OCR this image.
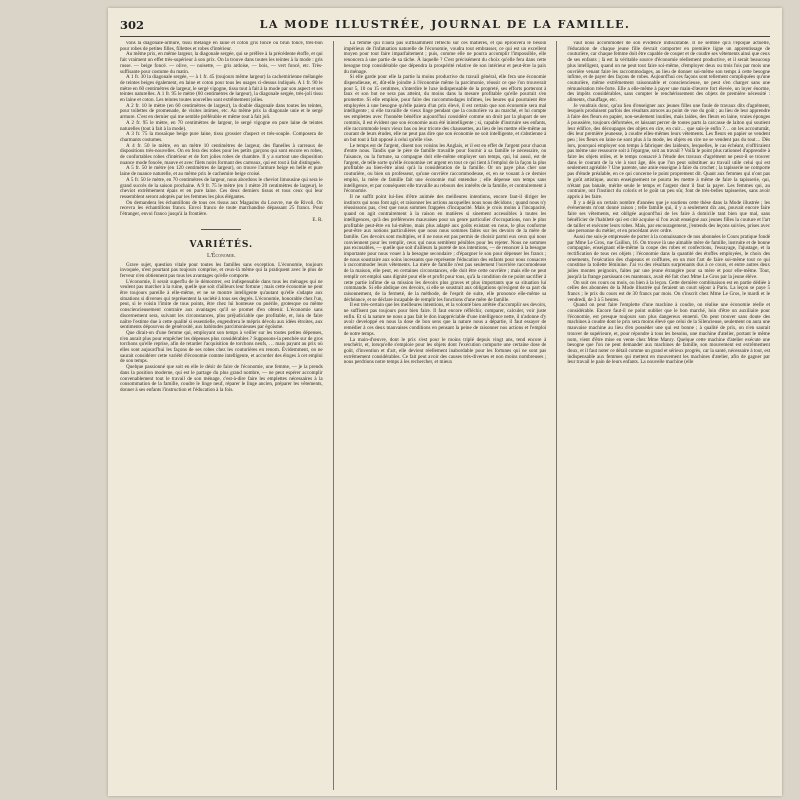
302	LA MODE ILLUSTRÉE, JOURNAL DE LA FAMILLE.

vons la diagonale-armure, tissu mélangé en laine et coton gris foncé ou brun foncé, très-bon pour robes de petites filles, fillettes et robes d'intérieur.

Au même prix, en même largeur, la diagonale sergée, qui se préfère à la précédente étoffe, et qui fait vraiment un effet très-supérieur à son prix. On la trouve dans toutes les teintes à la mode : gris russe. — beige foncé. — olive, — noisette, — gris ardoise, — bois, — vert foncé, etc. Très-suffisante pour costume du matin.

A 1 fr. 30 la diagonale sergée, — à 1 fr. 45 (toujours même largeur) la cachemirienne mélangée de teintes beiges également, en laine et coton pour tous les usages ci-dessus indiqués. A 1 fr. 90 le mètre en 60 centimètres de largeur, le sergé vigogne, tissu tout à fait à la mode par son aspect et ses teintes naturelles. A 1 fr. 95 le mètre (60 centimètres de largeur), la diagonale sergée, très-joli tissu en laine et coton. Les teintes toutes nouvelles sont extrêmement jolies.

A 2 fr. 10 le mètre (en 60 centimètres de largeur), la double diagonale dans toutes les teintes, pour toilettes de promenade, de visites intimes, etc. Au même prix la diagonale unie et le sergé armure. C'est en dernier qui me semble préférable et même tout à fait joli.

A 2 fr. 95 le mètre, en 70 centimètres de largeur, le sergé vigogne en pure laine de teintes naturelles (tout à fait à la mode).

A 3 fr. 75 la mosaïque beige pure laine, tissu grossier d'aspect et très-souple. Composera de charmants costumes.

A 4 fr. 50 le mètre, en un mètre 10 centimètres de largeur, des flanelles à carreaux de dispositions très-nouvelles. On en fera des robes pour les petits garçons qui sont encore en robes, de confortables robes d'intérieur et de fort jolies robes de chambre. Il y a surtout une disposition nuance mode foncée, mauve et avec filets noirs formant des carreaux, qui est tout à fait distinguée.

A 5 fr. 50 le mètre (en 120 centimètres de largeur), on trouve l'armure beige en belle et pure laine de nuance naturelle, et au même prix le cachemire beige croisé.

A 5 fr. 50 le mètre, en 70 centimètres de largeur, nous abordons le cheviot limousine qui sera le grand succès de la saison prochaine. A 9 fr. 75 le mètre (en 1 mètre 20 centimètres de largeur), le cheviot extrêmement épais et en pure laine. Ces deux derniers tissus et tous ceux qui leur ressemblent seront adoptés par les femmes les plus élégantes.

On demandera les échantillons de tous ces tissus aux Magasins du Louvre, rue de Rivoli. On recevra les échantillons francs. Envoi franco de toute marchandise dépassant 25 francs. Pour l'étranger, envoi franco jusqu'à la frontière.

E. R.

VARIÉTÉS.
L'Économie.

Grave sujet, question vitale pour toutes les familles sans exception. L'économie, toujours invoquée, n'est pourtant pas toujours comprise, et ceux-là même qui la pratiquent avec le plus de ferveur n'en obtiennent pas tous les avantages qu'elle comporte.

L'économie, il serait superflu de le démontrer, est indispensable dans tous les ménages qui ne veulent pas marcher à la ruine, quelle que soit d'ailleurs leur fortune ; mais cette économie ne peut être toujours pareille à elle-même, et ne se montre intelligente qu'autant qu'elle s'adapte aux situations si diverses qui représentent la société à tous ses degrés. L'économie, honorable chez l'un, peut, si le voisin l'imite de tous points, être chez lui honteuse ou puérile, grotesque ou même consciencieusement contraire aux avantages qu'il se promet d'en obtenir. L'économie sans discernement sera, suivant les circonstances, plus préjudiciable que profitable, et, loin de faire naître l'estime due à cette qualité si essentielle, engendrera le mépris dévolu aux idées étroites, aux sentiments dépourvus de générosité, aux habitudes parcimonieuses par égoïsme.

Que dirait-on d'une femme qui, employant son temps à veiller sur les toutes petites dépenses, n'en aurait plus pour empêcher les dépenses plus considérables ? Supposons-la penchée sur de gros torchons qu'elle reprise, afin de retarder l'acquisition de torchons neufs, … mais payant au prix où elles sont aujourd'hui les façons de ses robes chez les couturières en renom. Évidemment, on ne saurait considérer cette variété d'économie comme intelligente, et accorder des éloges à cet emploi de son temps.

Quelque passionné que soit en elle le désir de faire de l'économie, une femme, — je la prends dans la position moderne, qui est le partage du plus grand nombre, — ne peut espérer accomplir convenablement tout le travail de son ménage, c'est-à-dire faire les emplettes nécessaires à la consommation de la famille, coudre le linge neuf, réparer le linge ancien, préparer les vêtements, donner à ses enfants l'instruction et l'éducation à la fois.

La femme qui n'aura pas suffisamment réfléchi sur ces matières, et qui éprouvera le besoin impérieux de l'infatuation naturelle de l'économie, voudra tout embrasser, ce qui est un excellent moyen pour tout faire imparfaitement ; puis, comme elle ne pourra accomplir l'impossible, elle renoncera à une partie de sa tâche. À laquelle ? C'est précisément du choix qu'elle fera dans cette besogne trop considérable que dépendra la prospérité relative de son intérieur et peut-être la paix du ménage.

Si elle garde pour elle la partie la moins productive du travail général, elle fera une économie dispendieuse, et, dût-elle joindre à l'économie même la parcimonie, réussir ce que l'on trouverait pour 5, 10 ou 15 centimes, s'interdire le luxe indispensable de la propreté, ses efforts porteront à faux et son but ne sera pas atteint, du moins dans la mesure profitable qu'elle pourrait s'en promettre. Si elle emploie, pour faire des raccommodages infimes, les heures qui pourraient être employées à une besogne qu'elle paiera d'un prix élevé, il est certain que son économie sera mal intelligente ; si elle travaille de vieux linge pendant que la couturière va au marché, et lui compte ses emplettes avec l'honnête bénéfice aujourd'hui considéré comme un droit par la plupart de ses commis, il est évident que son économie aura été inintelligente ; si, capable d'instruire ses enfants, elle raccommode leurs vieux bas ou leur tricote des chaussettes, au lieu de les mettre elle-même au courant de leurs études, elle ne peut pas dire que son économie ne soit intelligente, et s'abstienne à un but tout à fait opposé à celui qu'elle vise.

Le temps est de l'argent, disent nos voisins les Anglais, et il est en effet de l'argent pour chacun d'entre nous. Tandis que le père de famille travaille pour fournir à sa famille le nécessaire, ou l'aisance, ou la fortune, sa compagne doit elle-même employer son temps, qui, lui aussi, est de l'argent, de telle sorte qu'elle économise cet argent en tout ce qui tient à l'emploi de la façon la plus profitable au bien-être ainsi qu'à la considération de la famille. Or on paye plus cher une couturière, ou bien un professeur, qu'une ouvrière raccommodeuse, et, en se vouant à ce dernier emploi, la mère de famille fait une économie mal entendue ; elle dépense son temps sans intelligence, et par conséquent elle travaille au rebours des intérêts de la famille, et contrairement à l'économie.

Il ne suffit point lui-lieu d'être animée des meilleures intentions, encore faut-il diriger les instincts qui nous font agir, et raisonner les actions auxquelles nous nous décidons ; quand nous n'y réussissons pas, c'est que nous sommes frappées d'incapacité. Mais je crois moins à l'incapacité, quand on agit contrairement à la raison en matières si sinement accessibles à toutes les intelligences, qu'à des préférences mauvaises pour un genre particulier d'occupations, non le plus profitable peut-être en lui-même, mais plus adapté aux goûts existant en nous, le plus conforme peut-être aux notions particulières que nous nous sommes faites sur les devoirs de la mère de famille. Ces devoirs sont multiples, et il ne nous est pas permis de choisir parmi eux ceux qui nous conviennent pour les remplir, ceux qui nous semblent pénibles pour les rejeter. Nous ne sommes pas excusables, — quelle que soit d'ailleurs la pureté de nos intentions, — de renoncer à la besogne importante pour nous vouer à la besogne secondaire ; d'épargner le sou pour dépenser les francs ; de nous soustraire aux soins incessants que représente l'éducation des enfants pour nous consacrer à raccommoder leurs vêtements. La mère de famille n'est pas seulement l'ouvrière raccomodeuse de la maison, elle peut, en certaines circonstances, elle doit être cette ouvrière ; mais elle ne peut remplir cet emploi sans dignité pour elle et profit pour tous, qu'à la condition de ne point sacrifier à cette partie infime de sa mission les devoirs plus graves et plus importants que sa situation lui commande. Si elle abdique ces devoirs, si elle se soustrait aux obligations qu'exigent de sa part du raisonnement, de la fermeté, de la méthode, de l'esprit de suite, elle prononce elle-même sa déchéance, et se déclare incapable de remplir les fonctions d'une mère de famille.

Il est très-certain que les meilleures intentions, et la volonté bien arrêtée d'accomplir ses devoirs, ne suffisent pas toujours pour bien faire. Il faut encore réfléchir, comparer, calculer, voir juste enfin. Et si la nature ne nous a pas fait le don inappréciable d'une intelligence nette, il n'adonne d'y avoir developpé en nous la dose de bon sens que la nature nous a départie, il faut essayer de remédier à ces deux mauvaises conditions en pensant la peine de raisonner nos actions et l'emploi de notre temps.

La main-d'œuvre, dont le prix s'est pour le moins triplé depuis vingt ans, tend encore à renchérir, et, lorsqu'elle s'emploie pour les objets dont l'exécution comporte une certaine dose de goût, d'invention et d'art, elle devient réellement inabordable pour les fortunes qui ne sont pas extrêmement considérables. Ce fait peut avoir des causes très-diverses et non moins nombreuses ; nous perdrions notre temps à les rechercher, et mieux

vaut nous accommoder de son évidence indiscutable. Il ne semble qu'à l'époque actuelle, l'éducation de chaque jeune fille devrait comporter en première ligne un apprentissage de couturière, car chaque femme doit être capable de couper et de coudre ses vêtements ainsi que ceux de ses enfants ; là est la véritable source d'économie réellement productive, et il serait beaucoup plus intelligent, quand on ne peut tout faire soi-même, d'employer deux ou trois fois par mois une ouvrière venant faire les raccommodages, au lieu de donner soi-même son temps à cette besogne infime, et de payer des façons de robes. Aujourd'hui ces façons sont tellement compliquées qu'une couturière, même extrêmement raisonnable et consciencieuse, ne peut s'en charger sans une rémunération très-forte. Elle a elle-même à payer une main-d'œuvre fort élevée, un loyer énorme, des impôts considérables, sans compter le renchérissement des objets de première nécessité : aliments, chauffage, etc.

Je voudrais donc, qu'au lieu d'enseigner aux jeunes filles une foule de travaux dits d'agrément, lesquels produisent parfois des résultats atroces au point de vue du goût ; au lieu de leur apprendre à faire des fleurs en papier, non-seulement inutiles, mais laides, des fleurs en laine, vraies éponges à poussière, toujours déformées, et laissant percer de toutes parts la carcasse de laiton qui soutient leur édifice, des découpages des objets en cire, en cuir… que sais-je enfin ?… on les accoutumât, dès leur première jeunesse, à coudre elles-mêmes leurs vêtements. Les fleurs en papier se vendent peu ; les fleurs en laine ne sont plus à la mode, les objets en cire ne se vendent pas du tout… Dès lors, pourquoi employer son temps à fabriquer des laideurs, lesquelles, le cas échéant, n'offriraient pas même une ressource soit à l'épargne, soit au travail ? Voilà le point plus rationnel d'apprendre à faire les objets utiles, et le temps consacré à l'étude des travaux d'agrément ne peut-il se trouver dans le courant de la vie à tout âge, dès que l'on peut substituer au travail utile celui qui est seulement agréable ? Une parente, une amie enseigne à faire du crochet ; la tapisserie ne comporte pas d'étude préalable, en ce qui concerne le point proprement dit. Quant aux femmes qui n'ont pas le goût artistique, aucun enseignement ne pourra les mettre à même de faire la tapisserie, qui, n'étant pas banale, mérite seule le temps et l'argent dont il faut la payer. Les femmes qui, au contraire, ont l'instinct du coloris et le goût un peu sûr, font de très-belles tapisseries, sans avoir appris à les faire.

Il y a déjà un certain nombre d'années que je soutiens cette thèse dans la Mode illustrée ; les événements m'ont donné raison ; telle famille qui, il y a seulement dix ans, pouvait encore faire faire ses vêtements, est obligée aujourd'hui de les faire à domicile tant bien que mal, sans bénéficier de l'habileté qui est cité acquise si l'on avait enseigné aux jeunes filles la couture et l'art de tailler et exécuter leurs robes. Mais, par encouragement, j'entends des leçons suivies, prises avec une personne du métier, et en procédant avec ordre.

Aussi me suis-je empressée de porter à la connaissance de nos abonnées le Cours pratique fondé par Mme Le Gros, rue Gaillon, 16. On trouve là une aimable mère de famille, instruite et de bonne compagnie, enseignant elle-même la coupe des robes et confections, l'essayage, l'ajustage, et la rectification de tous ces objets ; l'économie dans la quantité des étoffes employées, le choix des ornements, l'exécution des chapeaux et coiffures, en un mot l'art de faire soi-même tout ce qui constitue la toilette féminine. J'ai vu des résultats surprenants dus à ce cours, et entre autres deux jolies montes peignoirs, faites par une jeune étrangère pour sa mère et pour elle-même. Tout, jusqu'à la frange parsissant ces manteaux, avait été fait chez Mme Le Gros par la jeune élève.

On suit ces cours ou mois, ou bien à la leçon. Cette dernière combinaison est en partie dédiée à celles des abonnées de la Mode illustrée qui feraient un court séjour à Paris. La leçon se paye 5 francs ; le prix du cours est de 30 francs par mois. On s'inscrit chez Mme Le Gros, le mardi et le vendredi, de 3 à 5 heures.

Quand on peut faire l'emplette d'une machine à coudre, on réalise une économie réelle et considérable. Encore faut-il ne point oublier que le bon marché, loin d'être un auxiliaire pour l'économie, est presque toujours son plus dangereux ennemi. On peut trouver sans doute des machines à coudre dont le prix sera moins élevé que celui de la Silencieuse, seulement on aura une mauvaise machine au lieu d'en posséder une qui est bonne ; à qualité de prix, on n'en saurait trouver de supérieure, et, pour répondre à tous les besoins, une machine d'atelier, portant le même nom, vient d'être mise en vente chez Mme Manry. Quelque cette machine d'atelier exécute une besogne que l'on ne peut demander aux machines de famille, son mouvement est extrêmement doux, et il faut noter ce détail comme un grand et sérieux progrès, car la santé, nécessaire à tout, est indispensable aux femmes qui mettent en mouvement les machines d'atelier, afin de gagner par leur travail le pain de leurs enfants. La nouvelle machine (elle
